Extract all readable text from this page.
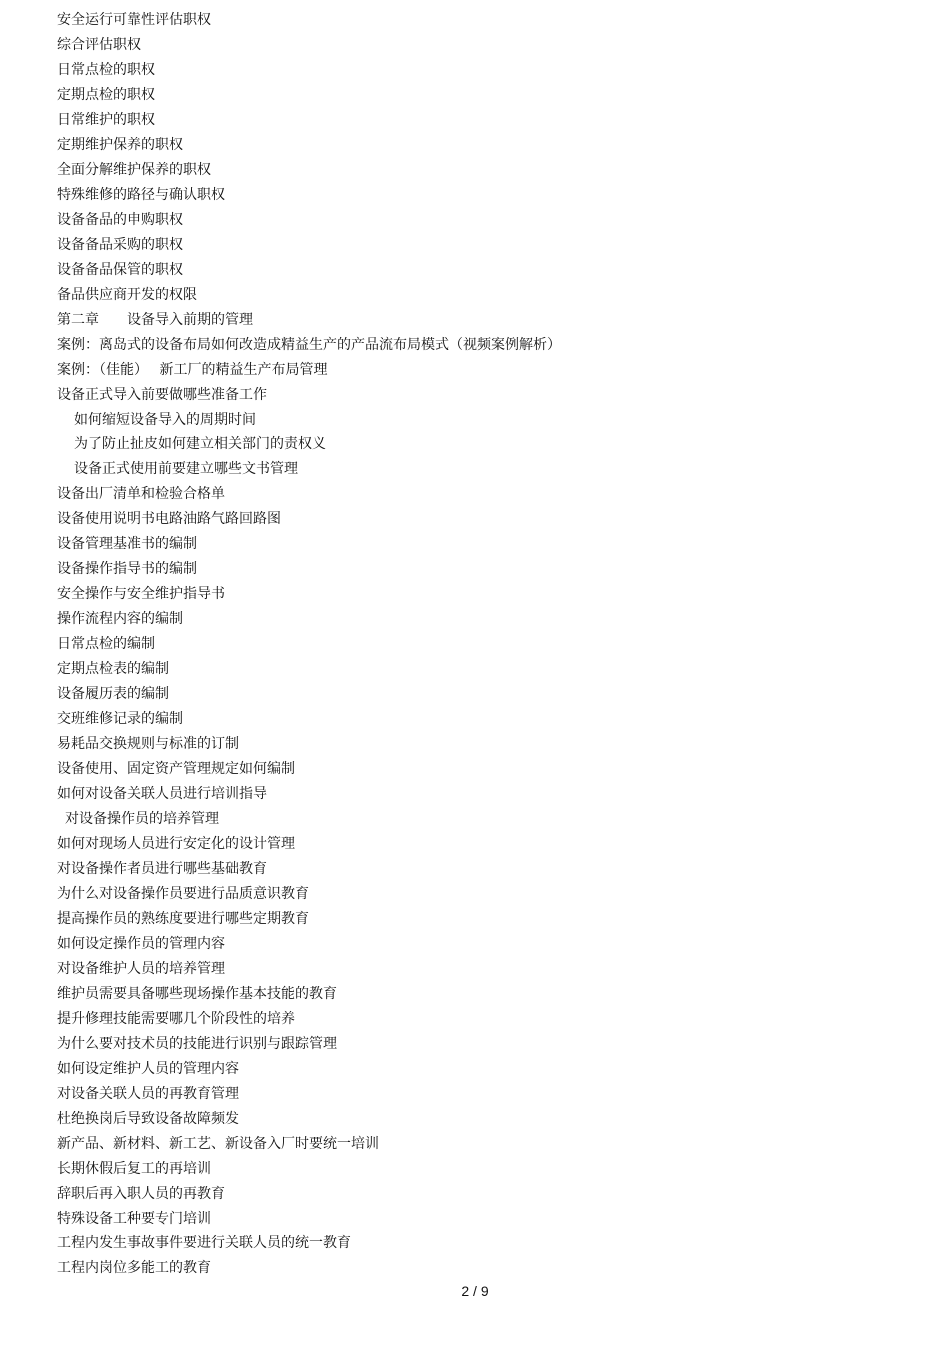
安全运行可靠性评估职权
综合评估职权
日常点检的职权
定期点检的职权
日常维护的职权
定期维护保养的职权
全面分解维护保养的职权
特殊维修的路径与确认职权
设备备品的申购职权
设备备品采购的职权
设备备品保管的职权
备品供应商开发的权限
第二章　　设备导入前期的管理
案例：离岛式的设备布局如何改造成精益生产的产品流布局模式（视频案例解析）
案例：（佳能）　 新工厂的精益生产布局管理
设备正式导入前要做哪些准备工作
如何缩短设备导入的周期时间
为了防止扯皮如何建立相关部门的责权义
设备正式使用前要建立哪些文书管理
设备出厂清单和检验合格单
设备使用说明书电路油路气路回路图
设备管理基准书的编制
设备操作指导书的编制
安全操作与安全维护指导书
操作流程内容的编制
日常点检的编制
定期点检表的编制
设备履历表的编制
交班维修记录的编制
易耗品交换规则与标准的订制
设备使用、固定资产管理规定如何编制
如何对设备关联人员进行培训指导
对设备操作员的培养管理
如何对现场人员进行安定化的设计管理
对设备操作者员进行哪些基础教育
为什么对设备操作员要进行品质意识教育
提高操作员的熟练度要进行哪些定期教育
如何设定操作员的管理内容
对设备维护人员的培养管理
维护员需要具备哪些现场操作基本技能的教育
提升修理技能需要哪几个阶段性的培养
为什么要对技术员的技能进行识别与跟踪管理
如何设定维护人员的管理内容
对设备关联人员的再教育管理
杜绝换岗后导致设备故障频发
新产品、新材料、新工艺、新设备入厂时要统一培训
长期休假后复工的再培训
辞职后再入职人员的再教育
特殊设备工种要专门培训
工程内发生事故事件要进行关联人员的统一教育
工程内岗位多能工的教育
2 / 9
